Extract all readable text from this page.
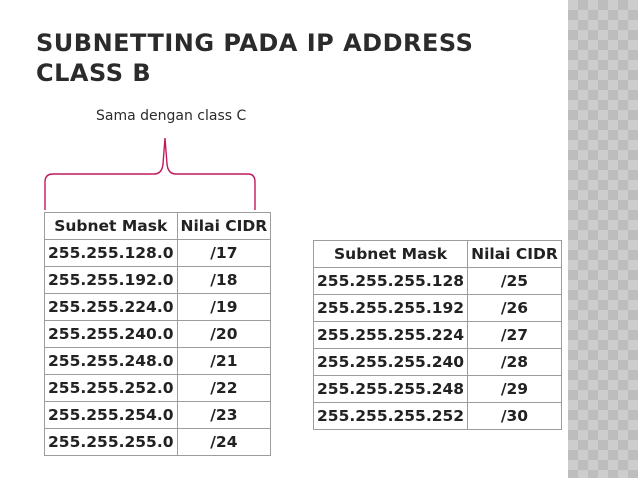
SUBNETTING PADA IP ADDRESS CLASS B
Sama dengan class C
Subnet Mask	Nilai CIDR
255.255.128.0	/17
255.255.192.0	/18
255.255.224.0	/19
255.255.240.0	/20
255.255.248.0	/21
255.255.252.0	/22
255.255.254.0	/23
255.255.255.0	/24
Subnet Mask	Nilai CIDR
255.255.255.128	/25
255.255.255.192	/26
255.255.255.224	/27
255.255.255.240	/28
255.255.255.248	/29
255.255.255.252	/30
